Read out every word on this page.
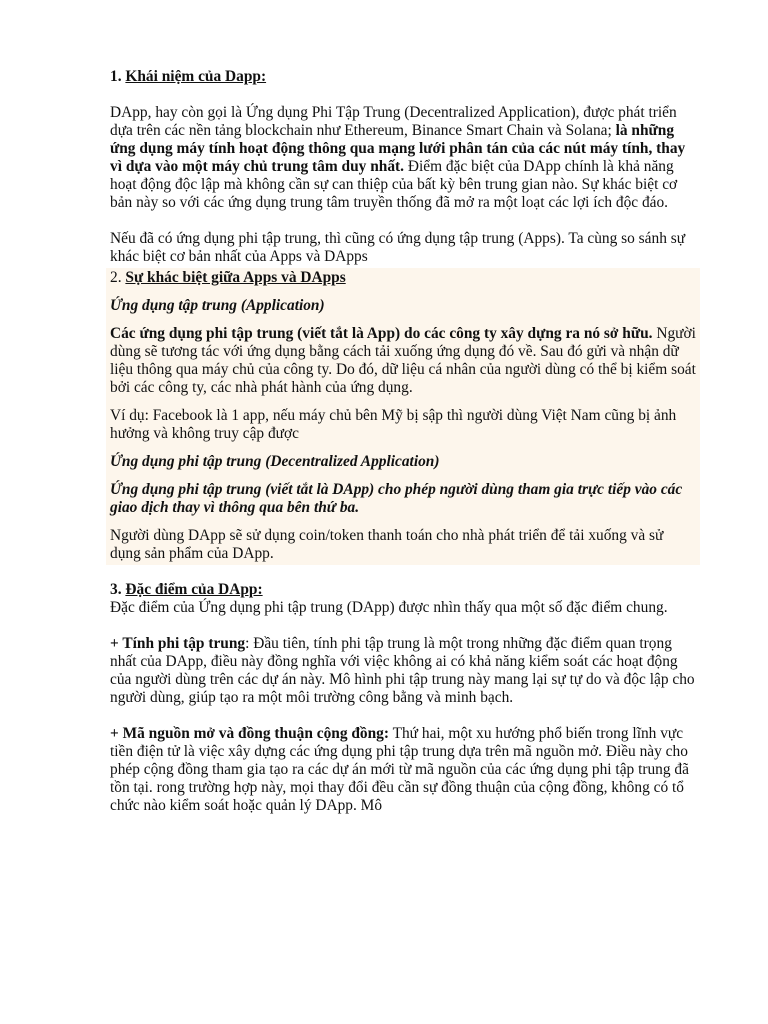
1. Khái niệm của Dapp:

DApp, hay còn gọi là Ứng dụng Phi Tập Trung (Decentralized Application), được phát triển dựa trên các nền tảng blockchain như Ethereum, Binance Smart Chain và Solana; là những ứng dụng máy tính hoạt động thông qua mạng lưới phân tán của các nút máy tính, thay vì dựa vào một máy chủ trung tâm duy nhất. Điểm đặc biệt của DApp chính là khả năng hoạt động độc lập mà không cần sự can thiệp của bất kỳ bên trung gian nào. Sự khác biệt cơ bản này so với các ứng dụng trung tâm truyền thống đã mở ra một loạt các lợi ích độc đáo.

Nếu đã có ứng dụng phi tập trung, thì cũng có ứng dụng tập trung (Apps). Ta cùng so sánh sự khác biệt cơ bản nhất của Apps và DApps

2. Sự khác biệt giữa Apps và DApps

Ứng dụng tập trung (Application)

Các ứng dụng phi tập trung (viết tắt là App) do các công ty xây dựng ra nó sở hữu. Người dùng sẽ tương tác với ứng dụng bằng cách tải xuống ứng dụng đó về. Sau đó gửi và nhận dữ liệu thông qua máy chủ của công ty. Do đó, dữ liệu cá nhân của người dùng có thể bị kiểm soát bởi các công ty, các nhà phát hành của ứng dụng.

Ví dụ: Facebook là 1 app, nếu máy chủ bên Mỹ bị sập thì người dùng Việt Nam cũng bị ảnh hưởng và không truy cập được

Ứng dụng phi tập trung (Decentralized Application)

Ứng dụng phi tập trung (viết tắt là DApp) cho phép người dùng tham gia trực tiếp vào các giao dịch thay vì thông qua bên thứ ba.

Người dùng DApp sẽ sử dụng coin/token thanh toán cho nhà phát triển để tải xuống và sử dụng sản phẩm của DApp.

3. Đặc điểm của DApp:

Đặc điểm của Ứng dụng phi tập trung (DApp) được nhìn thấy qua một số đặc điểm chung.

+ Tính phi tập trung: Đầu tiên, tính phi tập trung là một trong những đặc điểm quan trọng nhất của DApp, điều này đồng nghĩa với việc không ai có khả năng kiểm soát các hoạt động của người dùng trên các dự án này. Mô hình phi tập trung này mang lại sự tự do và độc lập cho người dùng, giúp tạo ra một môi trường công bằng và minh bạch.

+ Mã nguồn mở và đồng thuận cộng đồng: Thứ hai, một xu hướng phổ biến trong lĩnh vực tiền điện tử là việc xây dựng các ứng dụng phi tập trung dựa trên mã nguồn mở. Điều này cho phép cộng đồng tham gia tạo ra các dự án mới từ mã nguồn của các ứng dụng phi tập trung đã tồn tại. rong trường hợp này, mọi thay đổi đều cần sự đồng thuận của cộng đồng, không có tổ chức nào kiểm soát hoặc quản lý DApp. Mô
